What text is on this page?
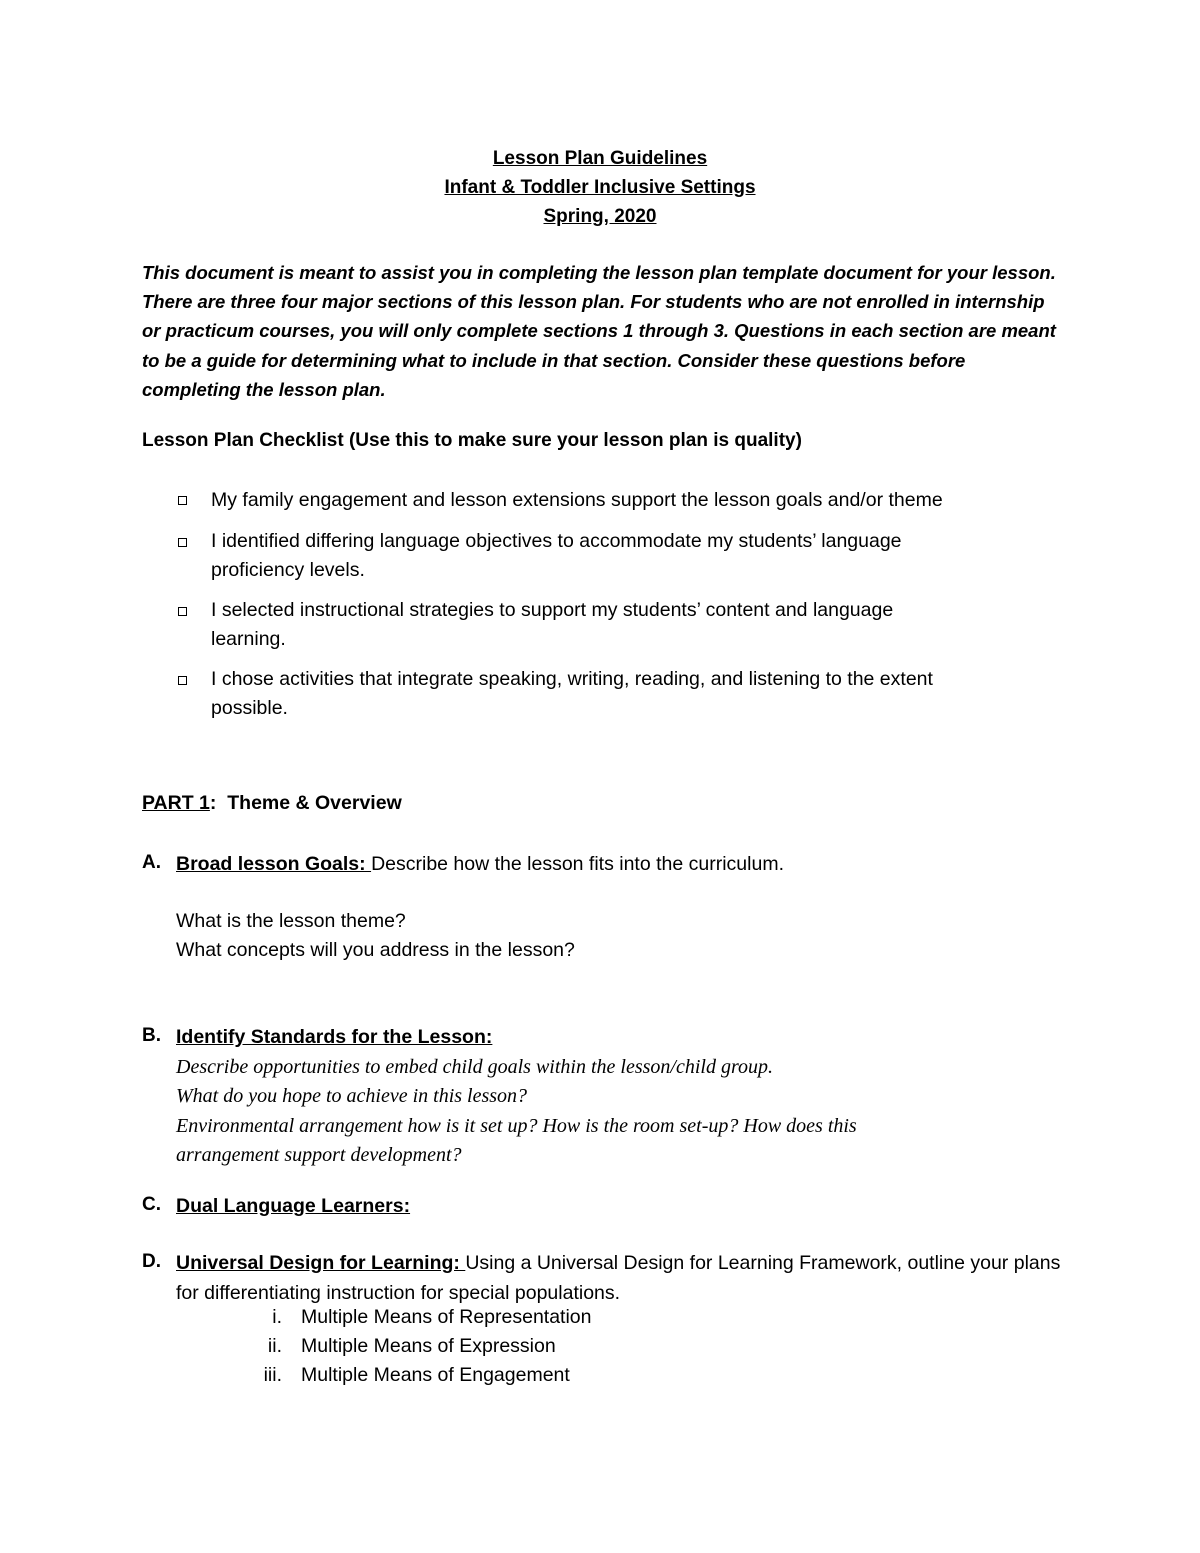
Lesson Plan Guidelines
Infant & Toddler Inclusive Settings
Spring, 2020
This document is meant to assist you in completing the lesson plan template document for your lesson.
There are three four major sections of this lesson plan. For students who are not enrolled in internship
or practicum courses, you will only complete sections 1 through 3. Questions in each section are meant
to be a guide for determining what to include in that section. Consider these questions before
completing the lesson plan.
Lesson Plan Checklist (Use this to make sure your lesson plan is quality)
My family engagement and lesson extensions support the lesson goals and/or theme
I identified differing language objectives to accommodate my students’ language
proficiency levels.
I selected instructional strategies to support my students’ content and language
learning.
I chose activities that integrate speaking, writing, reading, and listening to the extent
possible.
PART 1: Theme & Overview
A. Broad lesson Goals: Describe how the lesson fits into the curriculum.
What is the lesson theme?
What concepts will you address in the lesson?
B. Identify Standards for the Lesson:
Describe opportunities to embed child goals within the lesson/child group.
What do you hope to achieve in this lesson?
Environmental arrangement how is it set up? How is the room set-up? How does this
arrangement support development?
C. Dual Language Learners:
D. Universal Design for Learning: Using a Universal Design for Learning Framework, outline your plans
for differentiating instruction for special populations.
i. Multiple Means of Representation
ii. Multiple Means of Expression
iii. Multiple Means of Engagement
